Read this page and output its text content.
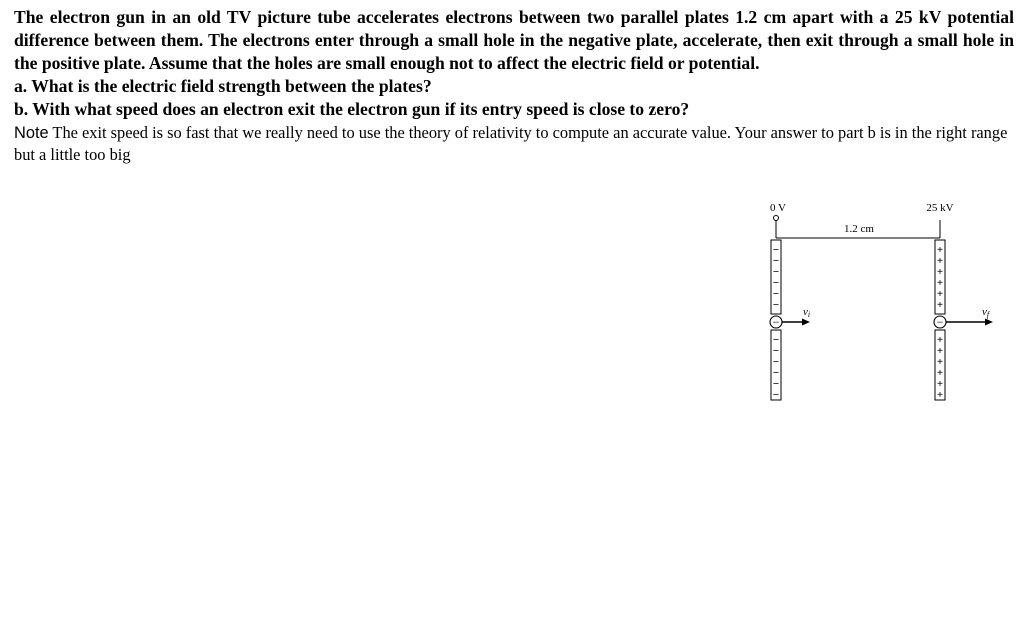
The electron gun in an old TV picture tube accelerates electrons between two parallel plates 1.2 cm apart with a 25 kV potential difference between them. The electrons enter through a small hole in the negative plate, accelerate, then exit through a small hole in the positive plate. Assume that the holes are small enough not to affect the electric field or potential.

a. What is the electric field strength between the plates?

b. With what speed does an electron exit the electron gun if its entry speed is close to zero?

Note The exit speed is so fast that we really need to use the theory of relativity to compute an accurate value. Your answer to part b is in the right range but a little too big

0 V	25 kV
1.2 cm
−
−
−
−
−
−
−
−
−
−
−
−
+
+
+
+
+
+
+
+
+
+
+
+
−
vi
−
vf
